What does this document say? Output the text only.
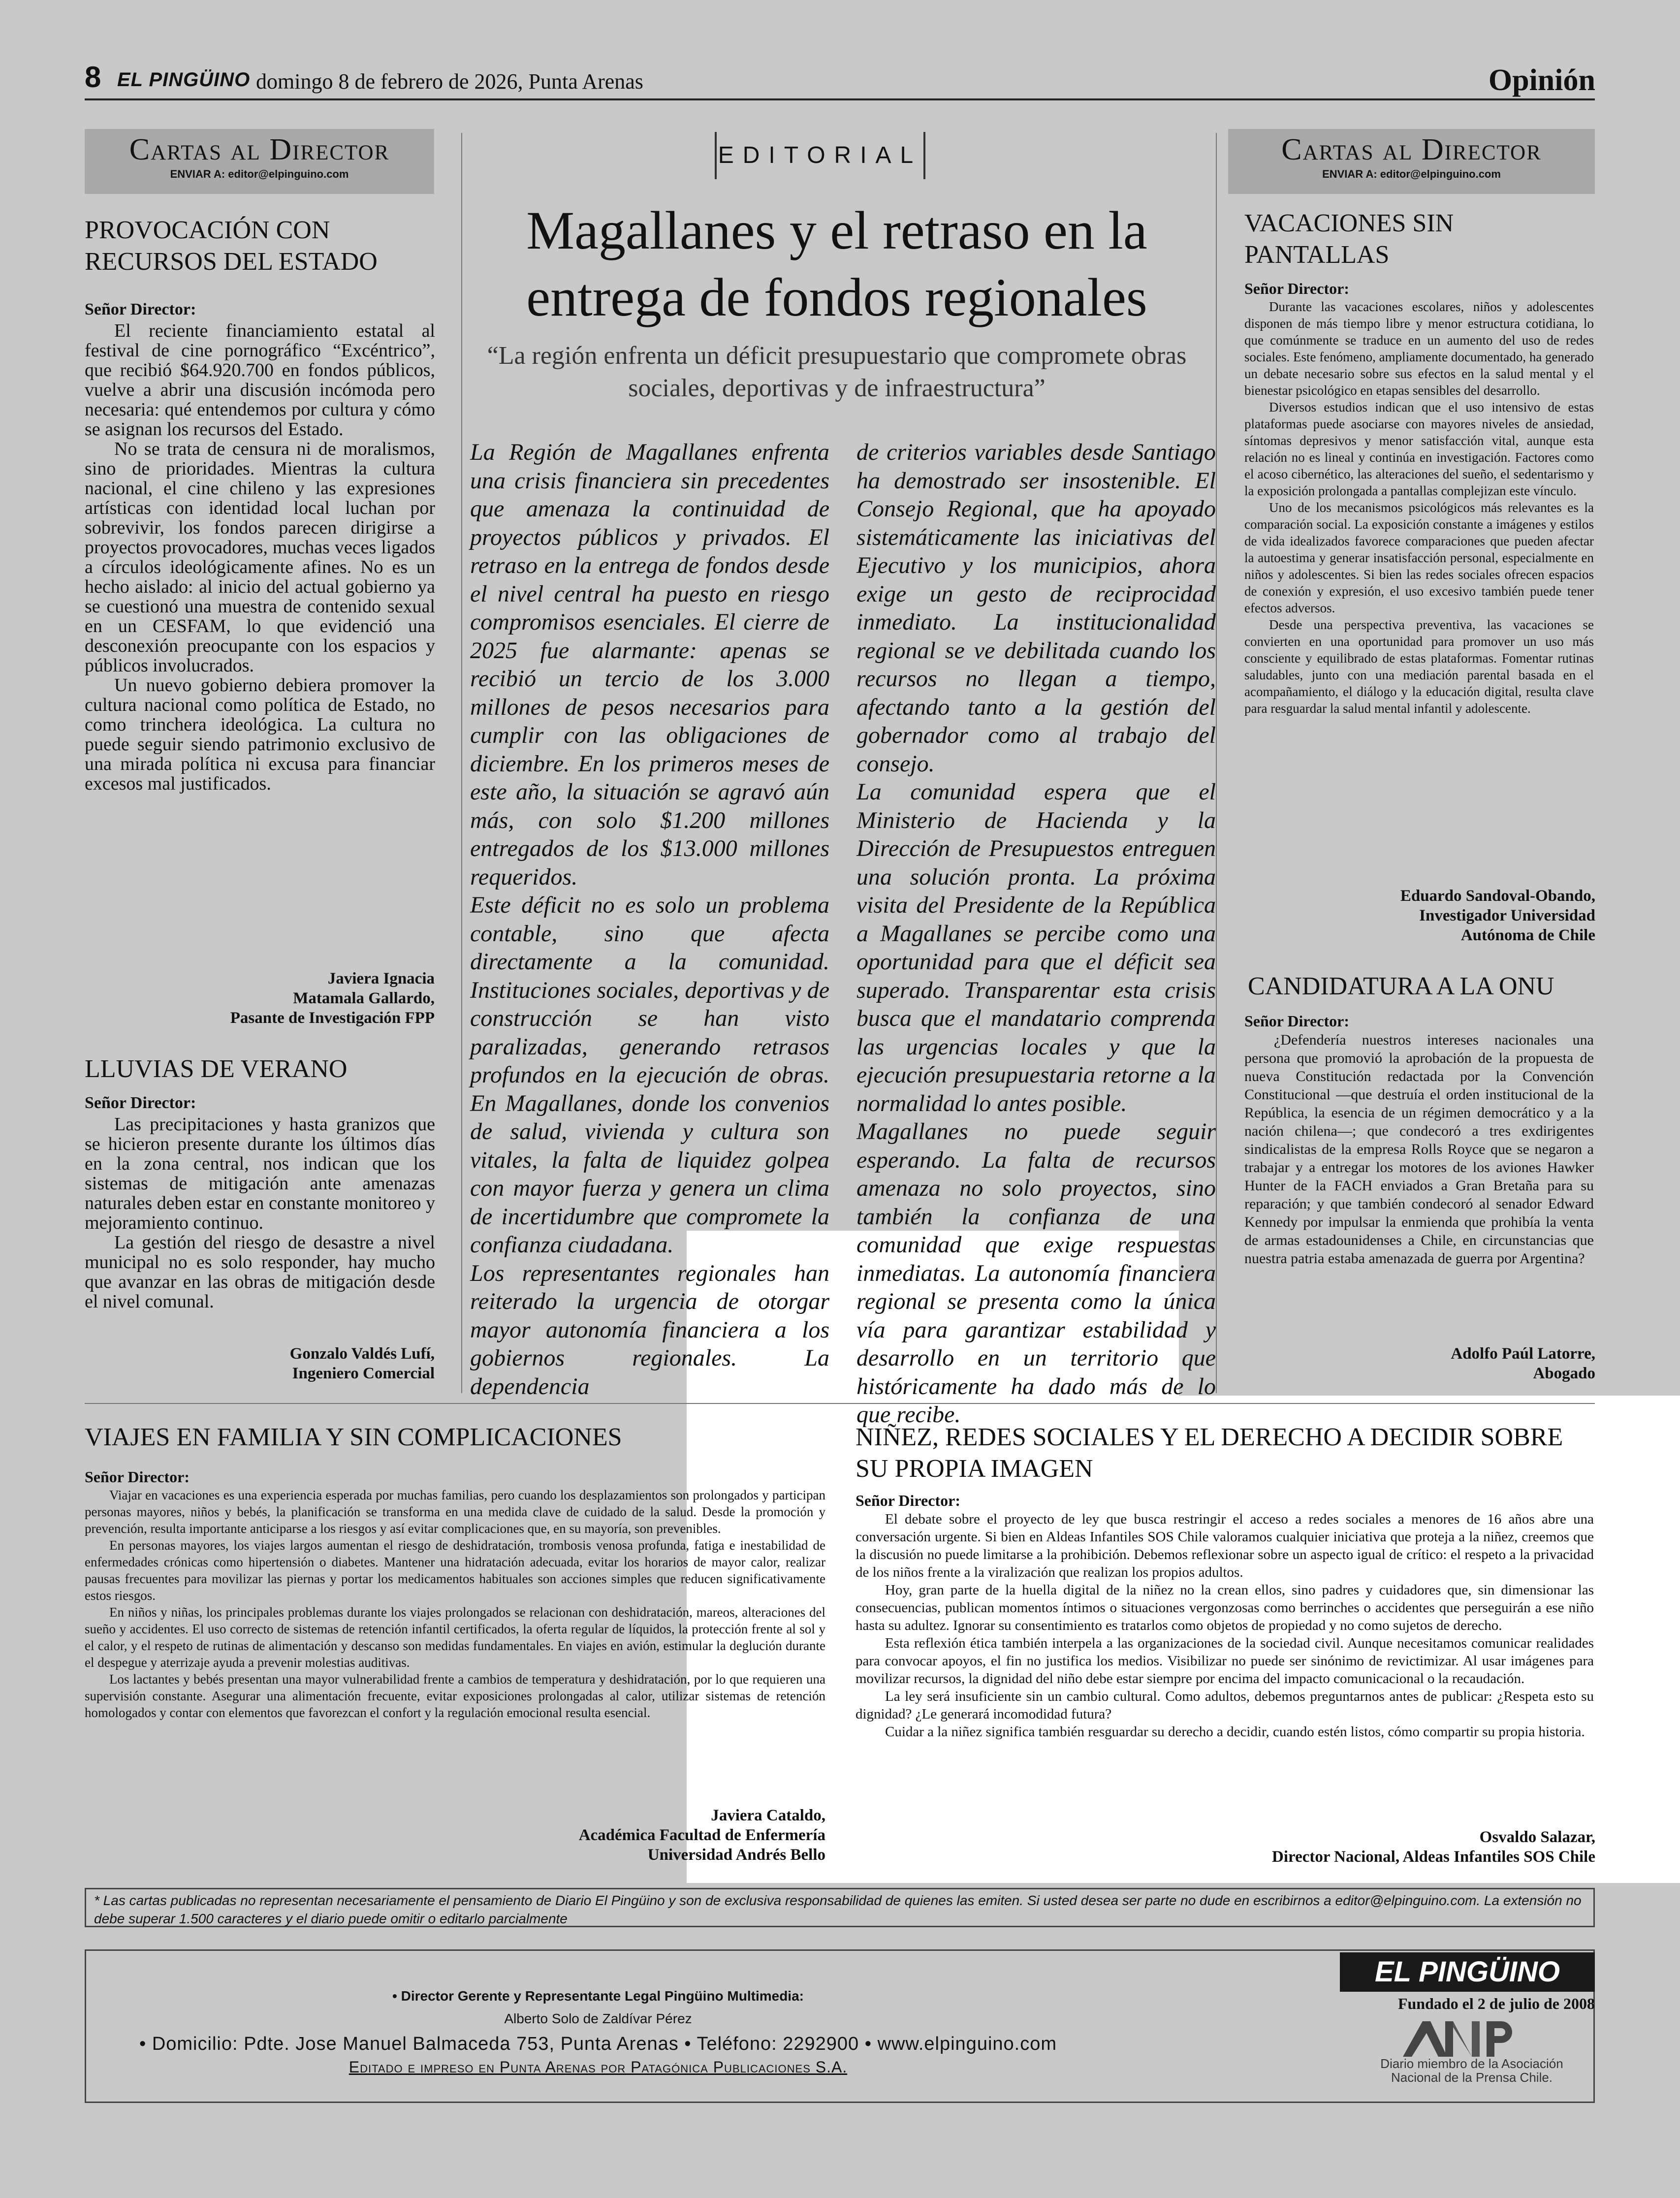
8 EL PINGÜINO domingo 8 de febrero de 2026, Punta Arenas	Opinión
Cartas al Director
ENVIAR A: editor@elpinguino.com
PROVOCACIÓN CON RECURSOS DEL ESTADO
Señor Director:

El reciente financiamiento estatal al festival de cine pornográfico “Excéntrico”, que recibió $64.920.700 en fondos públicos, vuelve a abrir una discusión incómoda pero necesaria: qué entendemos por cultura y cómo se asignan los recursos del Estado.

No se trata de censura ni de moralismos, sino de prioridades. Mientras la cultura nacional, el cine chileno y las expresiones artísticas con identidad local luchan por sobrevivir, los fondos parecen dirigirse a proyectos provocadores, muchas veces ligados a círculos ideológicamente afines. No es un hecho aislado: al inicio del actual gobierno ya se cuestionó una muestra de contenido sexual en un CESFAM, lo que evidenció una desconexión preocupante con los espacios y públicos involucrados.

Un nuevo gobierno debiera promover la cultura nacional como política de Estado, no como trinchera ideológica. La cultura no puede seguir siendo patrimonio exclusivo de una mirada política ni excusa para financiar excesos mal justificados.

Javiera Ignacia
Matamala Gallardo,
Pasante de Investigación FPP
LLUVIAS DE VERANO
Señor Director:

Las precipitaciones y hasta granizos que se hicieron presente durante los últimos días en la zona central, nos indican que los sistemas de mitigación ante amenazas naturales deben estar en constante monitoreo y mejoramiento continuo.

La gestión del riesgo de desastre a nivel municipal no es solo responder, hay mucho que avanzar en las obras de mitigación desde el nivel comunal.

Gonzalo Valdés Lufí,
Ingeniero Comercial
EDITORIAL
Magallanes y el retraso en la entrega de fondos regionales
“La región enfrenta un déficit presupuestario que compromete obras sociales, deportivas y de infraestructura”

La Región de Magallanes enfrenta una crisis financiera sin precedentes que amenaza la continuidad de proyectos públicos y privados. El retraso en la entrega de fondos desde el nivel central ha puesto en riesgo compromisos esenciales. El cierre de 2025 fue alarmante: apenas se recibió un tercio de los 3.000 millones de pesos necesarios para cumplir con las obligaciones de diciembre. En los primeros meses de este año, la situación se agravó aún más, con solo $1.200 millones entregados de los $13.000 millones requeridos.

Este déficit no es solo un problema contable, sino que afecta directamente a la comunidad. Instituciones sociales, deportivas y de construcción se han visto paralizadas, generando retrasos profundos en la ejecución de obras. En Magallanes, donde los convenios de salud, vivienda y cultura son vitales, la falta de liquidez golpea con mayor fuerza y genera un clima de incertidumbre que compromete la confianza ciudadana.

Los representantes regionales han reiterado la urgencia de otorgar mayor autonomía financiera a los gobiernos regionales. La dependencia

de criterios variables desde Santiago ha demostrado ser insostenible. El Consejo Regional, que ha apoyado sistemáticamente las iniciativas del Ejecutivo y los municipios, ahora exige un gesto de reciprocidad inmediato. La institucionalidad regional se ve debilitada cuando los recursos no llegan a tiempo, afectando tanto a la gestión del gobernador como al trabajo del consejo.

La comunidad espera que el Ministerio de Hacienda y la Dirección de Presupuestos entreguen una solución pronta. La próxima visita del Presidente de la República a Magallanes se percibe como una oportunidad para que el déficit sea superado. Transparentar esta crisis busca que el mandatario comprenda las urgencias locales y que la ejecución presupuestaria retorne a la normalidad lo antes posible.

Magallanes no puede seguir esperando. La falta de recursos amenaza no solo proyectos, sino también la confianza de una comunidad que exige respuestas inmediatas. La autonomía financiera regional se presenta como la única vía para garantizar estabilidad y desarrollo en un territorio que históricamente ha dado más de lo que recibe.

Cartas al Director
ENVIAR A: editor@elpinguino.com
VACACIONES SIN PANTALLAS
Señor Director:

Durante las vacaciones escolares, niños y adolescentes disponen de más tiempo libre y menor estructura cotidiana, lo que comúnmente se traduce en un aumento del uso de redes sociales. Este fenómeno, ampliamente documentado, ha generado un debate necesario sobre sus efectos en la salud mental y el bienestar psicológico en etapas sensibles del desarrollo.

Diversos estudios indican que el uso intensivo de estas plataformas puede asociarse con mayores niveles de ansiedad, síntomas depresivos y menor satisfacción vital, aunque esta relación no es lineal y continúa en investigación. Factores como el acoso cibernético, las alteraciones del sueño, el sedentarismo y la exposición prolongada a pantallas complejizan este vínculo.

Uno de los mecanismos psicológicos más relevantes es la comparación social. La exposición constante a imágenes y estilos de vida idealizados favorece comparaciones que pueden afectar la autoestima y generar insatisfacción personal, especialmente en niños y adolescentes. Si bien las redes sociales ofrecen espacios de conexión y expresión, el uso excesivo también puede tener efectos adversos.

Desde una perspectiva preventiva, las vacaciones se convierten en una oportunidad para promover un uso más consciente y equilibrado de estas plataformas. Fomentar rutinas saludables, junto con una mediación parental basada en el acompañamiento, el diálogo y la educación digital, resulta clave para resguardar la salud mental infantil y adolescente.

Eduardo Sandoval-Obando,
Investigador Universidad
Autónoma de Chile
CANDIDATURA A LA ONU
Señor Director:

¿Defendería nuestros intereses nacionales una persona que promovió la aprobación de la propuesta de nueva Constitución redactada por la Convención Constitucional —que destruía el orden institucional de la República, la esencia de un régimen democrático y a la nación chilena—; que condecoró a tres exdirigentes sindicalistas de la empresa Rolls Royce que se negaron a trabajar y a entregar los motores de los aviones Hawker Hunter de la FACH enviados a Gran Bretaña para su reparación; y que también condecoró al senador Edward Kennedy por impulsar la enmienda que prohibía la venta de armas estadounidenses a Chile, en circunstancias que nuestra patria estaba amenazada de guerra por Argentina?

Adolfo Paúl Latorre,
Abogado
VIAJES EN FAMILIA Y SIN COMPLICACIONES
Señor Director:

Viajar en vacaciones es una experiencia esperada por muchas familias, pero cuando los desplazamientos son prolongados y participan personas mayores, niños y bebés, la planificación se transforma en una medida clave de cuidado de la salud. Desde la promoción y prevención, resulta importante anticiparse a los riesgos y así evitar complicaciones que, en su mayoría, son prevenibles.

En personas mayores, los viajes largos aumentan el riesgo de deshidratación, trombosis venosa profunda, fatiga e inestabilidad de enfermedades crónicas como hipertensión o diabetes. Mantener una hidratación adecuada, evitar los horarios de mayor calor, realizar pausas frecuentes para movilizar las piernas y portar los medicamentos habituales son acciones simples que reducen significativamente estos riesgos.

En niños y niñas, los principales problemas durante los viajes prolongados se relacionan con deshidratación, mareos, alteraciones del sueño y accidentes. El uso correcto de sistemas de retención infantil certificados, la oferta regular de líquidos, la protección frente al sol y el calor, y el respeto de rutinas de alimentación y descanso son medidas fundamentales. En viajes en avión, estimular la deglución durante el despegue y aterrizaje ayuda a prevenir molestias auditivas.

Los lactantes y bebés presentan una mayor vulnerabilidad frente a cambios de temperatura y deshidratación, por lo que requieren una supervisión constante. Asegurar una alimentación frecuente, evitar exposiciones prolongadas al calor, utilizar sistemas de retención homologados y contar con elementos que favorezcan el confort y la regulación emocional resulta esencial.

Javiera Cataldo,
Académica Facultad de Enfermería
Universidad Andrés Bello
NIÑEZ, REDES SOCIALES Y EL DERECHO A DECIDIR SOBRE SU PROPIA IMAGEN
Señor Director:

El debate sobre el proyecto de ley que busca restringir el acceso a redes sociales a menores de 16 años abre una conversación urgente. Si bien en Aldeas Infantiles SOS Chile valoramos cualquier iniciativa que proteja a la niñez, creemos que la discusión no puede limitarse a la prohibición. Debemos reflexionar sobre un aspecto igual de crítico: el respeto a la privacidad de los niños frente a la viralización que realizan los propios adultos.

Hoy, gran parte de la huella digital de la niñez no la crean ellos, sino padres y cuidadores que, sin dimensionar las consecuencias, publican momentos íntimos o situaciones vergonzosas como berrinches o accidentes que perseguirán a ese niño hasta su adultez. Ignorar su consentimiento es tratarlos como objetos de propiedad y no como sujetos de derecho.

Esta reflexión ética también interpela a las organizaciones de la sociedad civil. Aunque necesitamos comunicar realidades para convocar apoyos, el fin no justifica los medios. Visibilizar no puede ser sinónimo de revictimizar. Al usar imágenes para movilizar recursos, la dignidad del niño debe estar siempre por encima del impacto comunicacional o la recaudación.

La ley será insuficiente sin un cambio cultural. Como adultos, debemos preguntarnos antes de publicar: ¿Respeta esto su dignidad? ¿Le generará incomodidad futura?

Cuidar a la niñez significa también resguardar su derecho a decidir, cuando estén listos, cómo compartir su propia historia.

Osvaldo Salazar,
Director Nacional, Aldeas Infantiles SOS Chile
* Las cartas publicadas no representan necesariamente el pensamiento de Diario El Pingüino y son de exclusiva responsabilidad de quienes las emiten. Si usted desea ser parte no dude en escribirnos a editor@elpinguino.com. La extensión no debe superar 1.500 caracteres y el diario puede omitir o editarlo parcialmente
• Director Gerente y Representante Legal Pingüino Multimedia:
Alberto Solo de Zaldívar Pérez
• Domicilio: Pdte. Jose Manuel Balmaceda 753, Punta Arenas • Teléfono: 2292900 • www.elpinguino.com
Editado e impreso en Punta Arenas por Patagónica Publicaciones S.A.
EL PINGÜINO
Fundado el 2 de julio de 2008
Diario miembro de la Asociación Nacional de la Prensa Chile.
